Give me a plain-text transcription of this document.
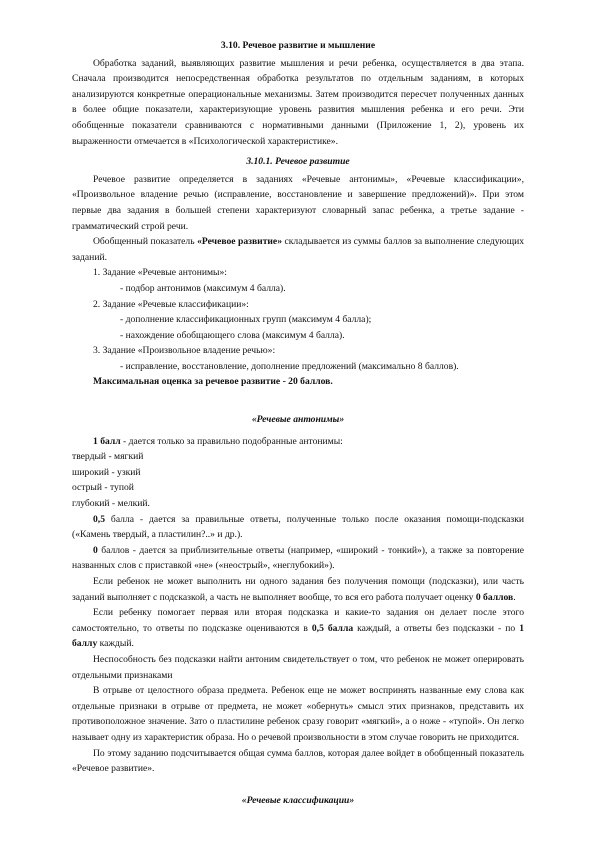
3.10. Речевое развитие и мышление

Обработка заданий, выявляющих развитие мышления и речи ребенка, осуществляется в два этапа. Сначала производится непосредственная обработка результатов по отдельным заданиям, в которых анализируются конкретные операциональные механизмы. Затем производится пересчет полученных данных в более общие показатели, характеризующие уровень развития мышления ребенка и его речи. Эти обобщенные показатели сравниваются с нормативными данными (Приложение 1, 2), уровень их выраженности отмечается в «Психологической характеристике».

3.10.1. Речевое развитие

Речевое развитие определяется в заданиях «Речевые антонимы», «Речевые классификации», «Произвольное владение речью (исправление, восстановление и завершение предложений)». При этом первые два задания в большей степени характеризуют словарный запас ребенка, а третье задание - грамматический строй речи.

Обобщенный показатель «Речевое развитие» складывается из суммы баллов за выполнение следующих заданий.

1. Задание «Речевые антонимы»:

- подбор антонимов (максимум 4 балла).

2. Задание «Речевые классификации»:

- дополнение классификационных групп (максимум 4 балла);

- нахождение обобщающего слова (максимум 4 балла).

3. Задание «Произвольное владение речью»:

- исправление, восстановление, дополнение предложений (максимально 8 баллов).

Максимальная оценка за речевое развитие - 20 баллов.

«Речевые антонимы»

1 балл - дается только за правильно подобранные антонимы:

твердый - мягкий

широкий - узкий

острый - тупой

глубокий - мелкий.

0,5 балла - дается за правильные ответы, полученные только после оказания помощи-подсказки («Камень твердый, а пластилин?..» и др.).

0 баллов - дается за приблизительные ответы (например, «широкий - тонкий»), а также за повторение названных слов с приставкой «не» («неострый», «неглубокий»).

Если ребенок не может выполнить ни одного задания без получения помощи (подсказки), или часть заданий выполняет с подсказкой, а часть не выполняет вообще, то вся его работа получает оценку 0 баллов.

Если ребенку помогает первая или вторая подсказка и какие-то задания он делает после этого самостоятельно, то ответы по подсказке оцениваются в 0,5 балла каждый, а ответы без подсказки - по 1 баллу каждый.

Неспособность без подсказки найти антоним свидетельствует о том, что ребенок не может оперировать отдельными признаками

В отрыве от целостного образа предмета. Ребенок еще не может воспринять названные ему слова как отдельные признаки в отрыве от предмета, не может «обернуть» смысл этих признаков, представить их противоположное значение. Зато о пластилине ребенок сразу говорит «мягкий», а о ноже - «тупой». Он легко называет одну из характеристик образа. Но о речевой произвольности в этом случае говорить не приходится.

По этому заданию подсчитывается общая сумма баллов, которая далее войдет в обобщенный показатель «Речевое развитие».

«Речевые классификации»
